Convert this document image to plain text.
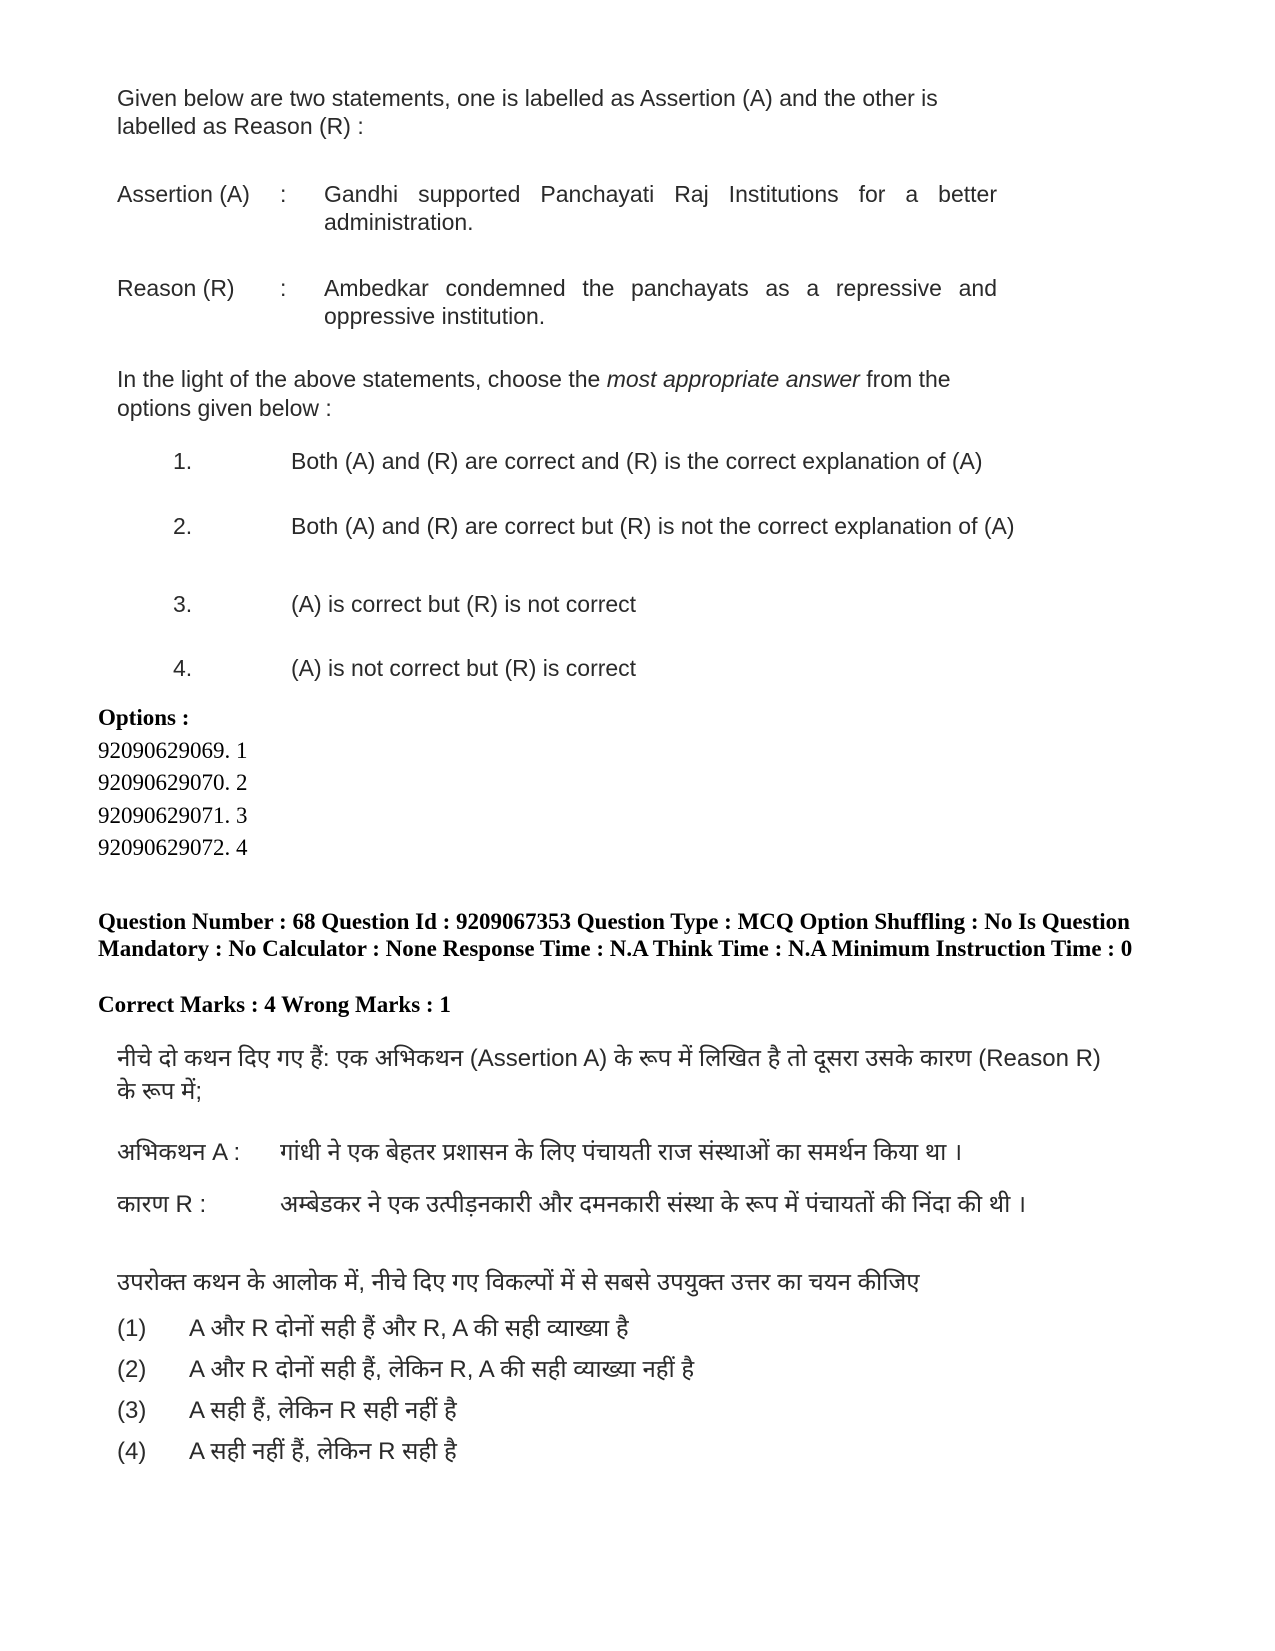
Given below are two statements, one is labelled as Assertion (A) and the other is labelled as Reason (R) :

Assertion (A) : Gandhi supported Panchayati Raj Institutions for a better administration.
Reason (R) : Ambedkar condemned the panchayats as a repressive and oppressive institution.

In the light of the above statements, choose the most appropriate answer from the options given below :

1.	Both (A) and (R) are correct and (R) is the correct explanation of (A)
2.	Both (A) and (R) are correct but (R) is not the correct explanation of (A)
3.	(A) is correct but (R) is not correct
4.	(A) is not correct but (R) is correct
Options :
92090629069. 1
92090629070. 2
92090629071. 3
92090629072. 4
Question Number : 68 Question Id : 9209067353 Question Type : MCQ Option Shuffling : No Is Question Mandatory : No Calculator : None Response Time : N.A Think Time : N.A Minimum Instruction Time : 0
Correct Marks : 4 Wrong Marks : 1

नीचे दो कथन दिए गए हैं: एक अभिकथन (Assertion A) के रूप में लिखित है तो दूसरा उसके कारण (Reason R) के रूप में;

अभिकथन A : गांधी ने एक बेहतर प्रशासन के लिए पंचायती राज संस्थाओं का समर्थन किया था ।
कारण R :	अम्बेडकर ने एक उत्पीड़नकारी और दमनकारी संस्था के रूप में पंचायतों की निंदा की थी ।

उपरोक्त कथन के आलोक में, नीचे दिए गए विकल्पों में से सबसे उपयुक्त उत्तर का चयन कीजिए

(1) A और R दोनों सही हैं और R, A की सही व्याख्या है
(2) A और R दोनों सही हैं, लेकिन R, A की सही व्याख्या नहीं है
(3) A सही हैं, लेकिन R सही नहीं है
(4) A सही नहीं हैं, लेकिन R सही है
